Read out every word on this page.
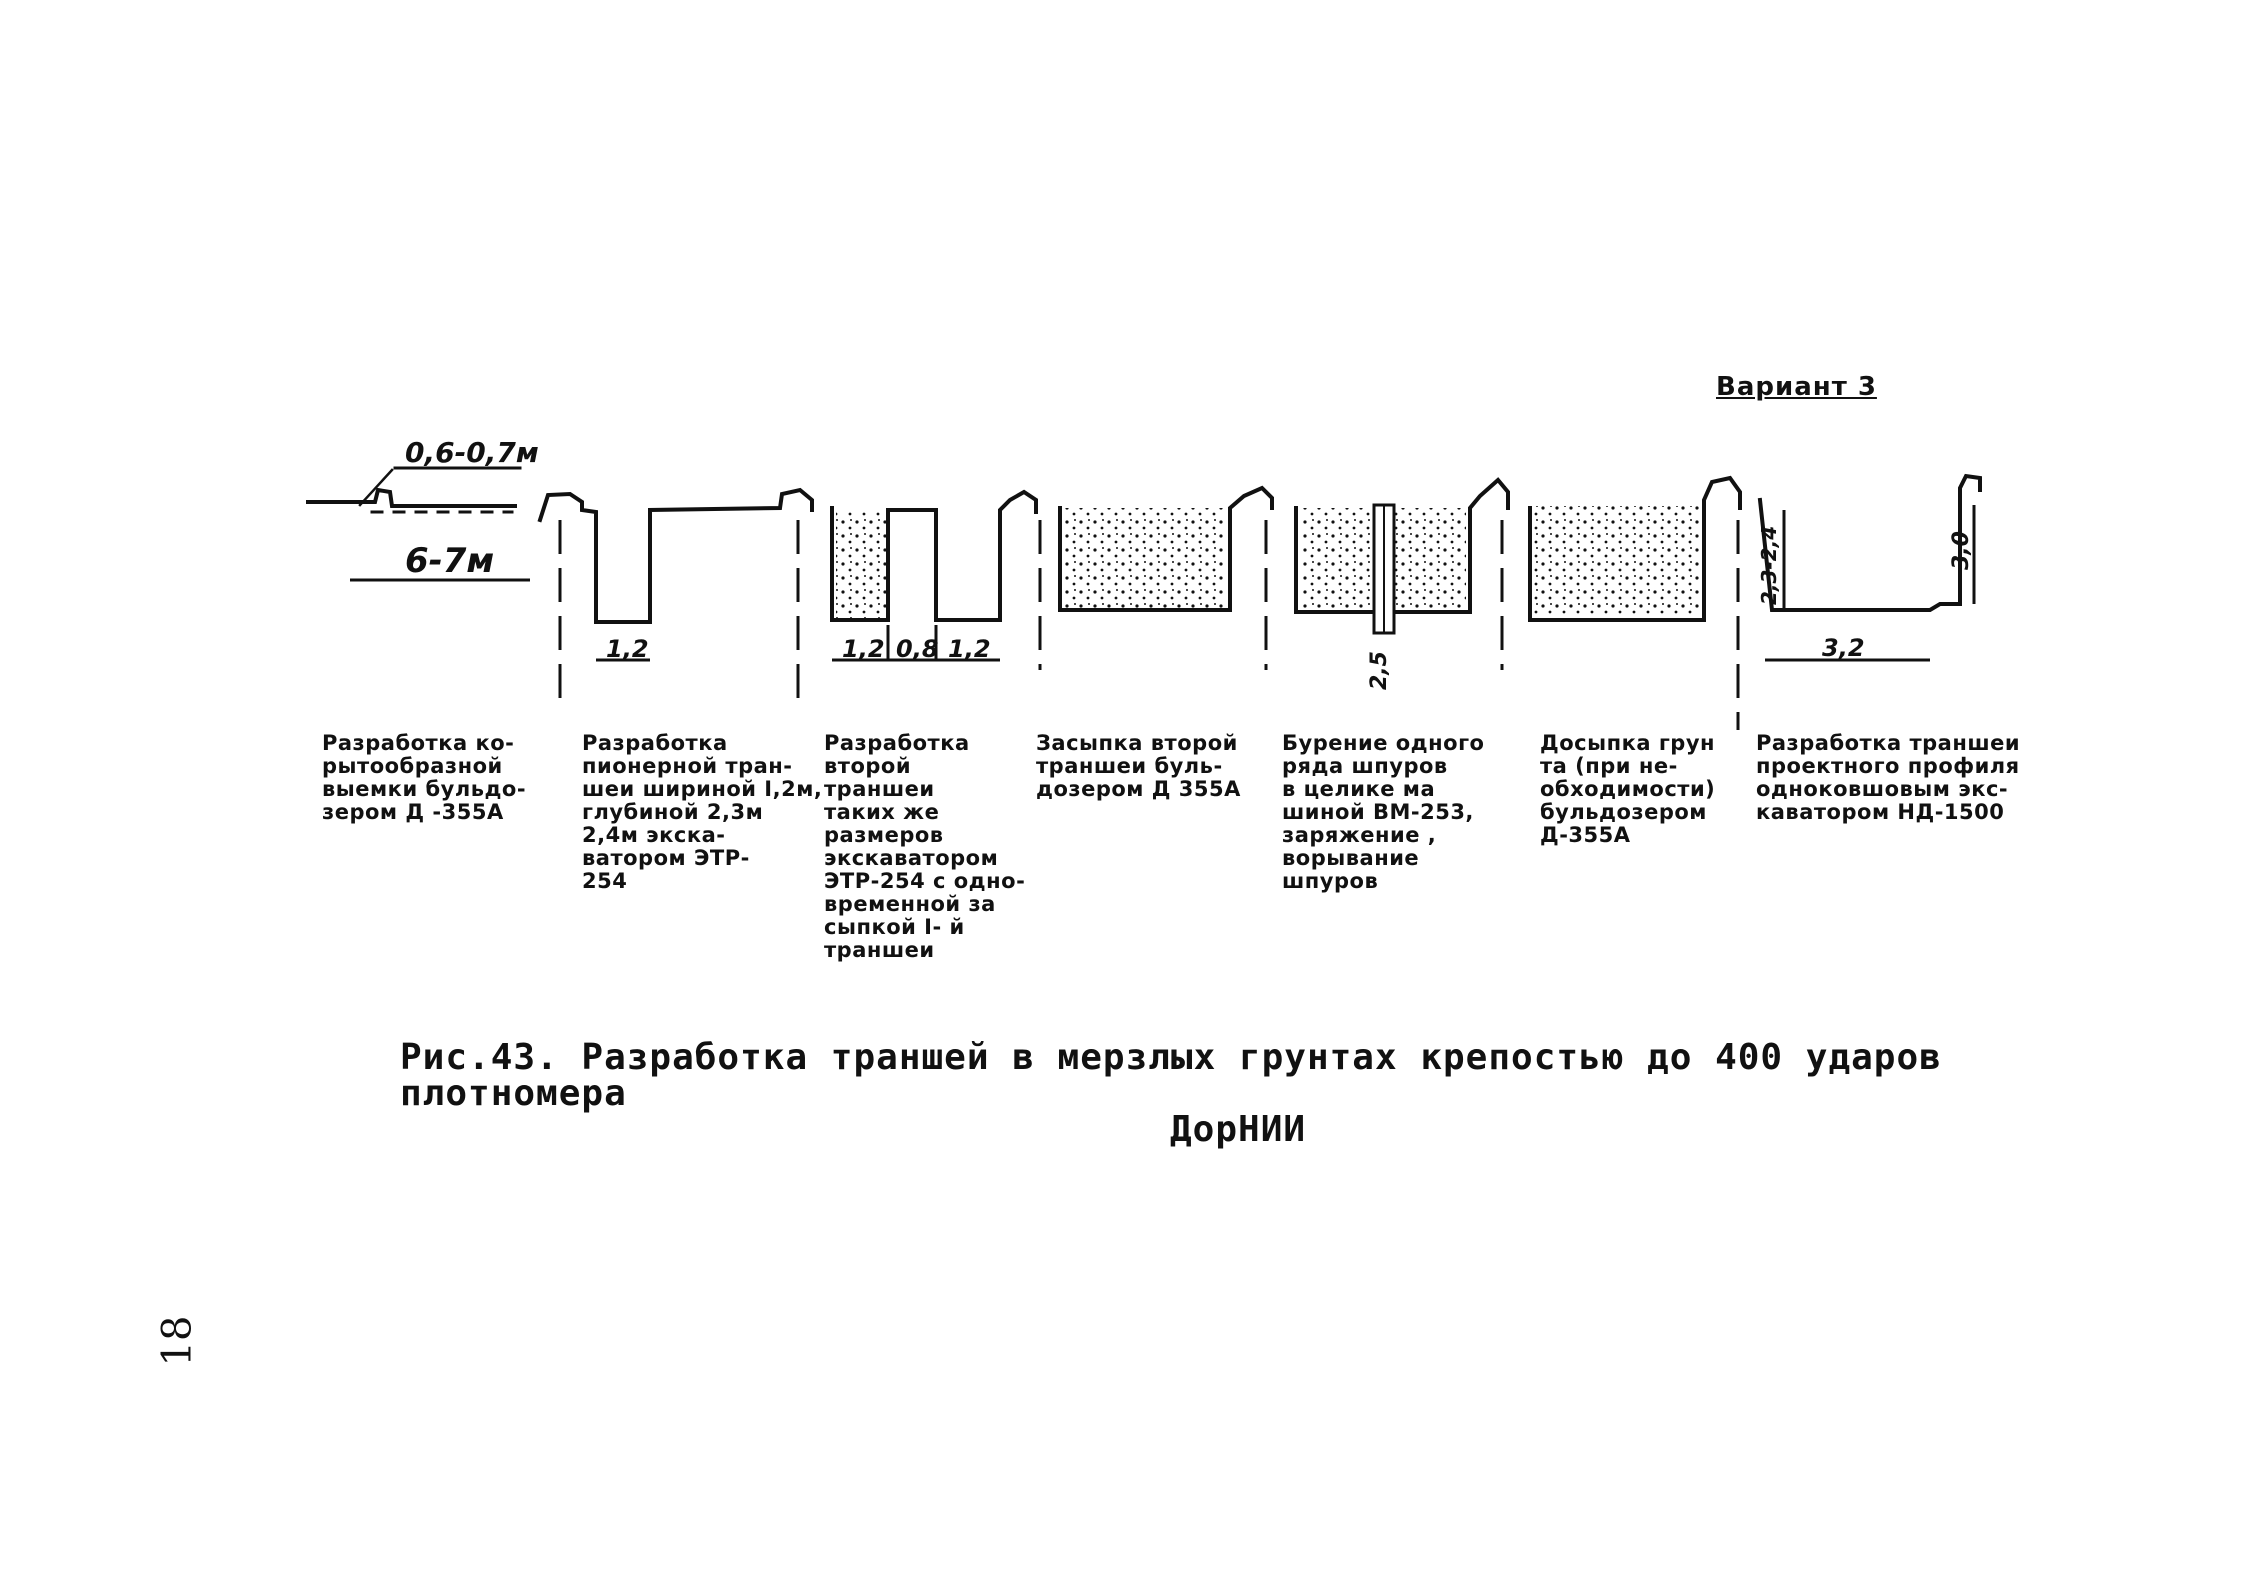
Вариант 3
0,6-0,7м
6-7м
1,2	1,2 0,8 1,2
2,5
2,3-2,4	3,0
3,2
Разработка ко-
рытообразной
выемки бульдо-
зером Д -355А
Разработка
пионерной тран-
шеи шириной I,2м,
глубиной 2,3м
2,4м экска-
ватором ЭТР-
254
Разработка
второй
траншеи
таких же
размеров
экскаватором
ЭТР-254 с одно-
временной за
сыпкой I- й
траншеи
Засыпка второй
траншеи буль-
дозером Д 355А
Бурение одного
ряда шпуров
в целике ма
шиной ВМ-253,
заряжение ,
ворывание
шпуров
Досыпка грун
та (при не-
обходимости)
бульдозером
Д-355А
Разработка траншеи
проектного профиля
одноковшовым экс-
каватором НД-1500
Рис.43. Разработка траншей в мерзлых грунтах крепостью до 400 ударов плотномера
ДорНИИ
18
